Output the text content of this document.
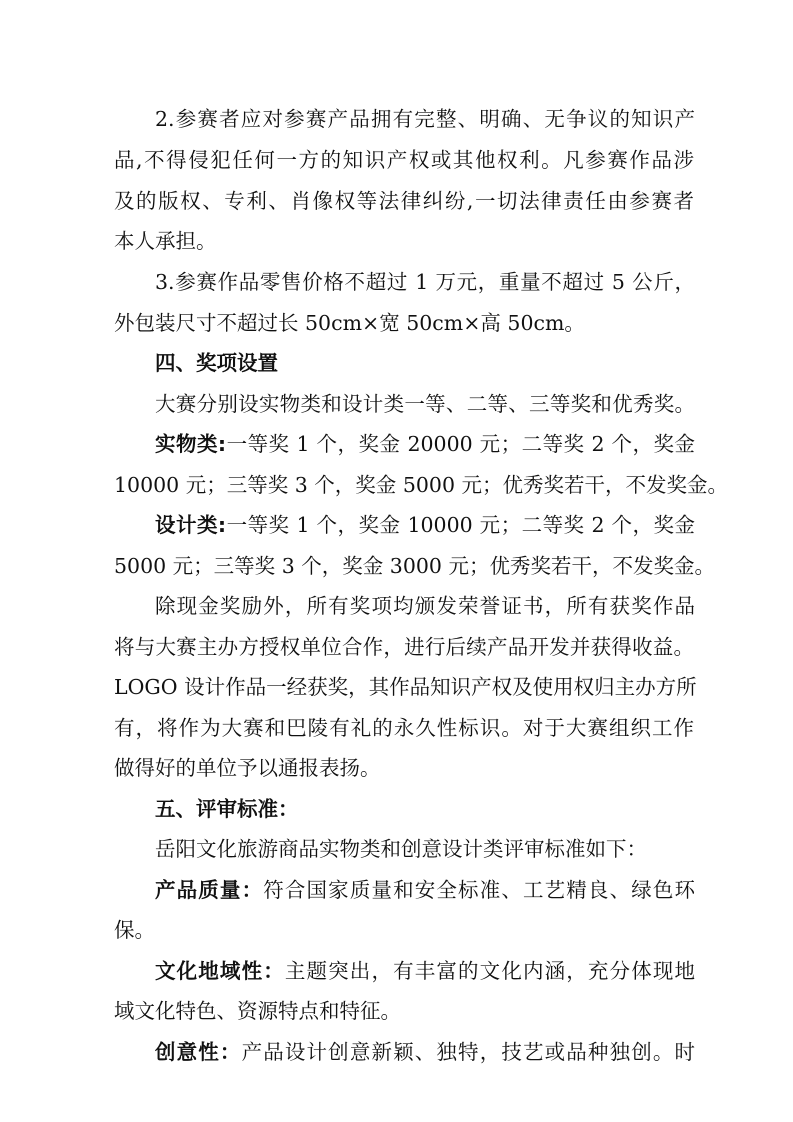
2.参赛者应对参赛产品拥有完整、明确、无争议的知识产
品,不得侵犯任何一方的知识产权或其他权利。凡参赛作品涉
及的版权、专利、肖像权等法律纠纷,一切法律责任由参赛者
本人承担。
3.参赛作品零售价格不超过 1 万元，重量不超过 5 公斤，
外包装尺寸不超过长 50cm×宽 50cm×高 50cm。
四、奖项设置
大赛分别设实物类和设计类一等、二等、三等奖和优秀奖。
实物类:一等奖 1 个，奖金 20000 元；二等奖 2 个，奖金
10000 元；三等奖 3 个，奖金 5000 元；优秀奖若干，不发奖金。
设计类:一等奖 1 个，奖金 10000 元；二等奖 2 个，奖金
5000 元；三等奖 3 个，奖金 3000 元；优秀奖若干，不发奖金。
除现金奖励外，所有奖项均颁发荣誉证书，所有获奖作品
将与大赛主办方授权单位合作，进行后续产品开发并获得收益。
LOGO 设计作品一经获奖，其作品知识产权及使用权归主办方所
有，将作为大赛和巴陵有礼的永久性标识。对于大赛组织工作
做得好的单位予以通报表扬。
五、评审标准：
岳阳文化旅游商品实物类和创意设计类评审标准如下：
产品质量：符合国家质量和安全标准、工艺精良、绿色环
保。
文化地域性：主题突出，有丰富的文化内涵，充分体现地
域文化特色、资源特点和特征。
创意性：产品设计创意新颖、独特，技艺或品种独创。时
